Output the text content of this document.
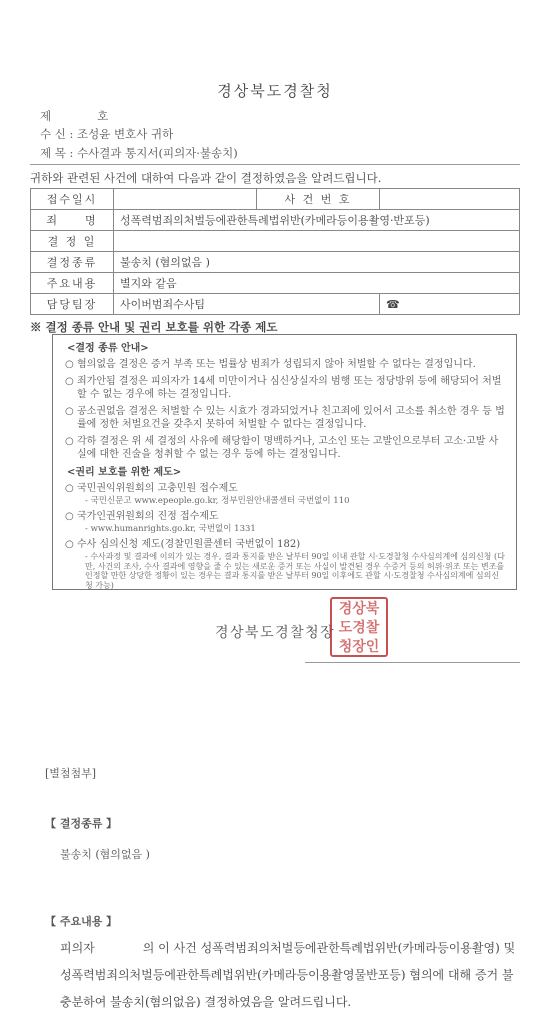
경상북도경찰청
제　　　　호
수 신 : 조성윤 변호사 귀하
제 목 : 수사결과 통지서(피의자·불송치)
귀하와 관련된 사건에 대하여 다음과 같이 결정하였음을 알려드립니다.
접수일시		사 건 번 호	
죄　　명	성폭력범죄의처벌등에관한특례법위반(카메라등이용촬영·반포등)		
결 정 일			
결정종류	불송치 (혐의없음 )		
주요내용	별지와 같음		
담당팀장	사이버범죄수사팀		☎
※ 결정 종류 안내 및 권리 보호를 위한 각종 제도
<결정 종류 안내>
○ 혐의없음 결정은 증거 부족 또는 법률상 범죄가 성립되지 않아 처벌할 수 없다는 결정입니다.
○ 죄가안됨 결정은 피의자가 14세 미만이거나 심신상실자의 범행 또는 정당방위 등에 해당되어 처벌할 수 없는 경우에 하는 결정입니다.
○ 공소권없음 결정은 처벌할 수 있는 시효가 경과되었거나 친고죄에 있어서 고소를 취소한 경우 등 법률에 정한 처벌요건을 갖추지 못하여 처벌할 수 없다는 결정입니다.
○ 각하 결정은 위 세 결정의 사유에 해당함이 명백하거나, 고소인 또는 고발인으로부터 고소·고발 사실에 대한 진술을 청취할 수 없는 경우 등에 하는 결정입니다.
<권리 보호를 위한 제도>
○ 국민권익위원회의 고충민원 접수제도
- 국민신문고 www.epeople.go.kr, 정부민원안내콜센터 국번없이 110
○ 국가인권위원회의 진정 접수제도
- www.humanrights.go.kr, 국번없이 1331
○ 수사 심의신청 제도(경찰민원콜센터 국번없이 182)
- 수사과정 및 결과에 이의가 있는 경우, 결과 통지를 받은 날부터 90일 이내 관할 시·도경찰청 수사심의계에 심의신청 (다만, 사건의 조사, 수사 결과에 영향을 줄 수 있는 새로운 증거 또는 사실이 발견된 경우 수증거 등의 허위·위조 또는 변조를 인정할 만한 상당한 정황이 있는 경우는 결과 통지를 받은 날부터 90일 이후에도 관할 시·도경찰청 수사심의계에 심의신청 가능)
경상북도경찰청장
경상북
도경찰
청장인
[별첨첨부]
【 결정종류 】
불송치 (혐의없음 )
【 주요내용 】
피의자　　　　의 이 사건 성폭력범죄의처벌등에관한특례법위반(카메라등이용촬영) 및 성폭력범죄의처벌등에관한특례법위반(카메라등이용촬영물반포등) 혐의에 대해 증거 불충분하여 불송치(혐의없음) 결정하였음을 알려드립니다.
